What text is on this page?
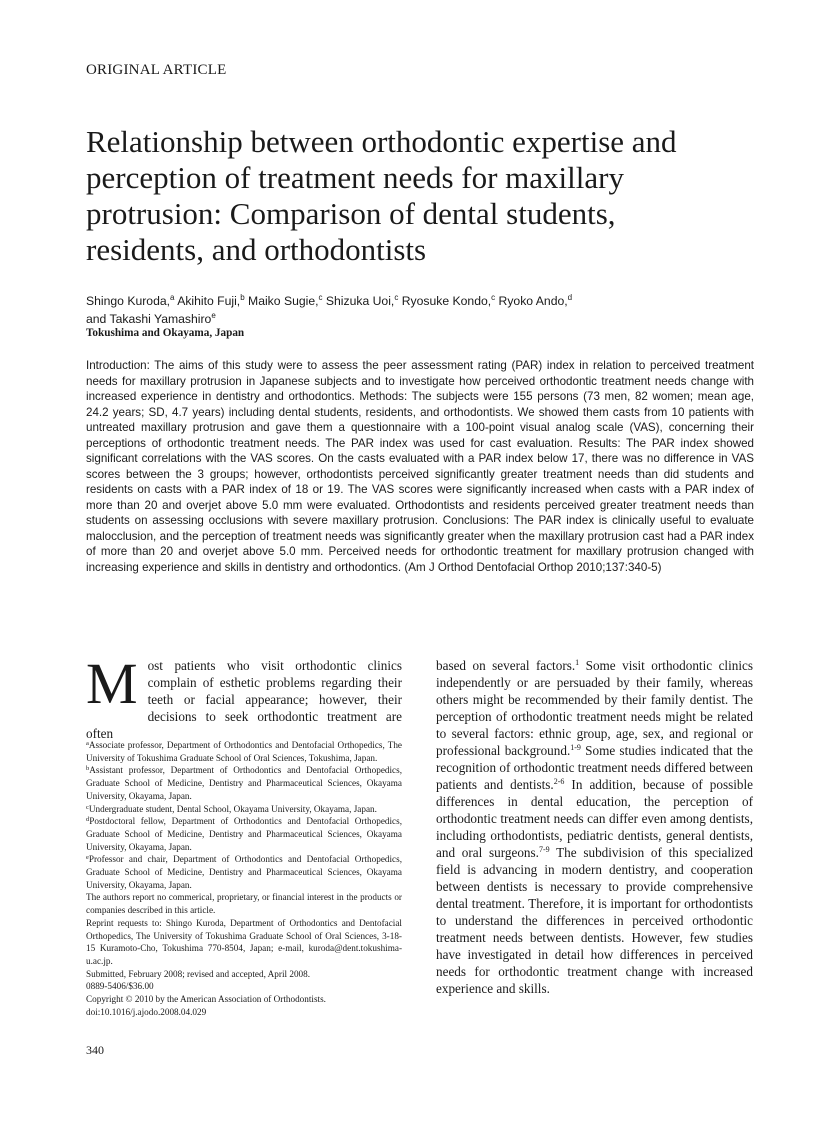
ORIGINAL ARTICLE
Relationship between orthodontic expertise and
perception of treatment needs for maxillary
protrusion: Comparison of dental students,
residents, and orthodontists
Shingo Kuroda,$^a$ Akihito Fuji,$^b$ Maiko Sugie,$^c$ Shizuka Uoi,$^c$ Ryosuke Kondo,$^c$ Ryoko Ando,$^d$
and Takashi Yamashiro$^e$
Tokushima and Okayama, Japan

Introduction: The aims of this study were to assess the peer assessment rating (PAR) index in relation to perceived treatment needs for maxillary protrusion in Japanese subjects and to investigate how perceived orthodontic treatment needs change with increased experience in dentistry and orthodontics. Methods: The subjects were 155 persons (73 men, 82 women; mean age, 24.2 years; SD, 4.7 years) including dental students, residents, and orthodontists. We showed them casts from 10 patients with untreated maxillary protrusion and gave them a questionnaire with a 100-point visual analog scale (VAS), concerning their perceptions of orthodontic treatment needs. The PAR index was used for cast evaluation. Results: The PAR index showed significant correlations with the VAS scores. On the casts evaluated with a PAR index below 17, there was no difference in VAS scores between the 3 groups; however, orthodontists perceived significantly greater treatment needs than did students and residents on casts with a PAR index of 18 or 19. The VAS scores were significantly increased when casts with a PAR index of more than 20 and overjet above 5.0 mm were evaluated. Orthodontists and residents perceived greater treatment needs than students on assessing occlusions with severe maxillary protrusion. Conclusions: The PAR index is clinically useful to evaluate malocclusion, and the perception of treatment needs was significantly greater when the maxillary protrusion cast had a PAR index of more than 20 and overjet above 5.0 mm. Perceived needs for orthodontic treatment for maxillary protrusion changed with increasing experience and skills in dentistry and orthodontics. (Am J Orthod Dentofacial Orthop 2010;137:340-5)

M ost patients who visit orthodontic clinics complain of esthetic problems regarding their teeth or facial appearance; however, their decisions to seek orthodontic treatment are often

$^a$Associate professor, Department of Orthodontics and Dentofacial Orthopedics, The University of Tokushima Graduate School of Oral Sciences, Tokushima, Japan.

$^b$Assistant professor, Department of Orthodontics and Dentofacial Orthopedics, Graduate School of Medicine, Dentistry and Pharmaceutical Sciences, Okayama University, Okayama, Japan.

$^c$Undergraduate student, Dental School, Okayama University, Okayama, Japan.

$^d$Postdoctoral fellow, Department of Orthodontics and Dentofacial Orthopedics, Graduate School of Medicine, Dentistry and Pharmaceutical Sciences, Okayama University, Okayama, Japan.

$^e$Professor and chair, Department of Orthodontics and Dentofacial Orthopedics, Graduate School of Medicine, Dentistry and Pharmaceutical Sciences, Okayama University, Okayama, Japan.

The authors report no commerical, proprietary, or financial interest in the products or companies described in this article.

Reprint requests to: Shingo Kuroda, Department of Orthodontics and Dentofacial Orthopedics, The University of Tokushima Graduate School of Oral Sciences, 3-18-15 Kuramoto-Cho, Tokushima 770-8504, Japan; e-mail, kuroda@dent.tokushima-u.ac.jp.

Submitted, February 2008; revised and accepted, April 2008.

0889-5406/$36.00

Copyright © 2010 by the American Association of Orthodontists.

doi:10.1016/j.ajodo.2008.04.029

based on several factors.$^1$ Some visit orthodontic clinics independently or are persuaded by their family, whereas others might be recommended by their family dentist. The perception of orthodontic treatment needs might be related to several factors: ethnic group, age, sex, and regional or professional background.$^{1-9}$ Some studies indicated that the recognition of orthodontic treatment needs differed between patients and dentists.$^{2-6}$ In addition, because of possible differences in dental education, the perception of orthodontic treatment needs can differ even among dentists, including orthodontists, pediatric dentists, general dentists, and oral surgeons.$^{7-9}$ The subdivision of this specialized field is advancing in modern dentistry, and cooperation between dentists is necessary to provide comprehensive dental treatment. Therefore, it is important for orthodontists to understand the differences in perceived orthodontic treatment needs between dentists. However, few studies have investigated in detail how differences in perceived needs for orthodontic treatment change with increased experience and skills.

340
